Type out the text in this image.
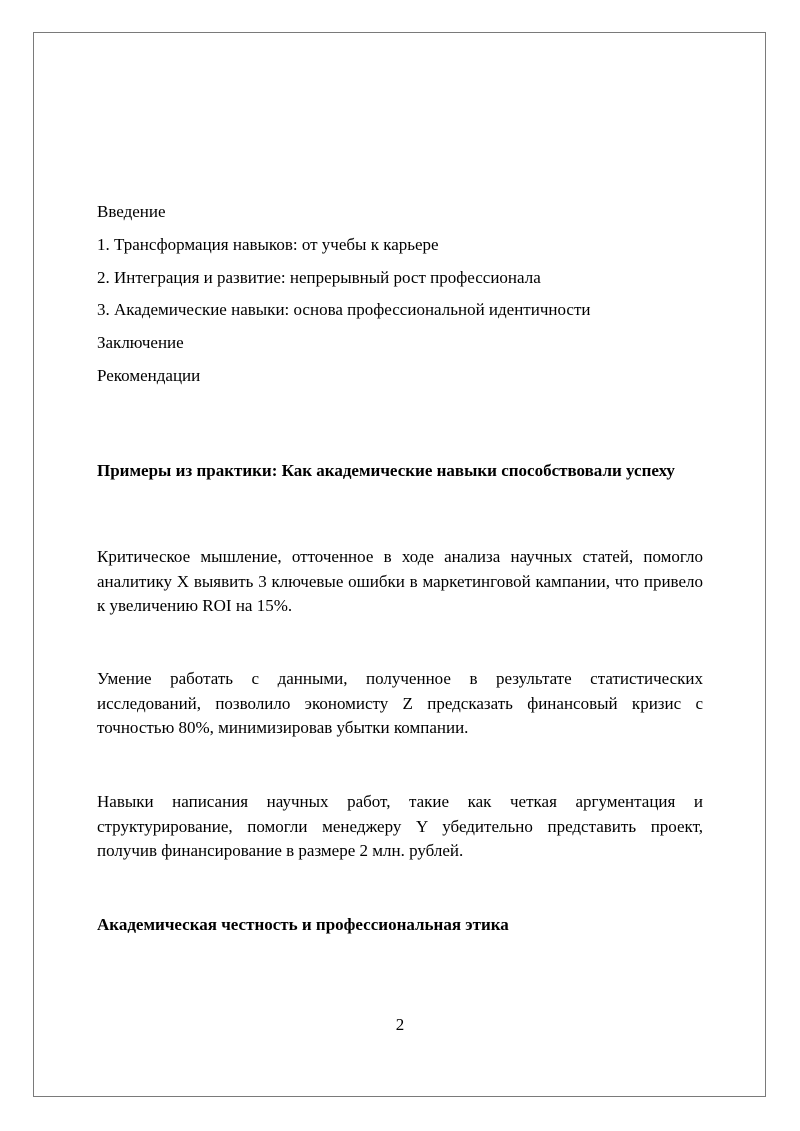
Введение
1. Трансформация навыков: от учебы к карьере
2. Интеграция и развитие: непрерывный рост профессионала
3. Академические навыки: основа профессиональной идентичности
Заключение
Рекомендации
Примеры из практики: Как академические навыки способствовали успеху
Критическое мышление, отточенное в ходе анализа научных статей, помогло аналитику X выявить 3 ключевые ошибки в маркетинговой кампании, что привело к увеличению ROI на 15%.
Умение работать с данными, полученное в результате статистических исследований, позволило экономисту Z предсказать финансовый кризис с точностью 80%, минимизировав убытки компании.
Навыки написания научных работ, такие как четкая аргументация и структурирование, помогли менеджеру Y убедительно представить проект, получив финансирование в размере 2 млн. рублей.
Академическая честность и профессиональная этика
2
